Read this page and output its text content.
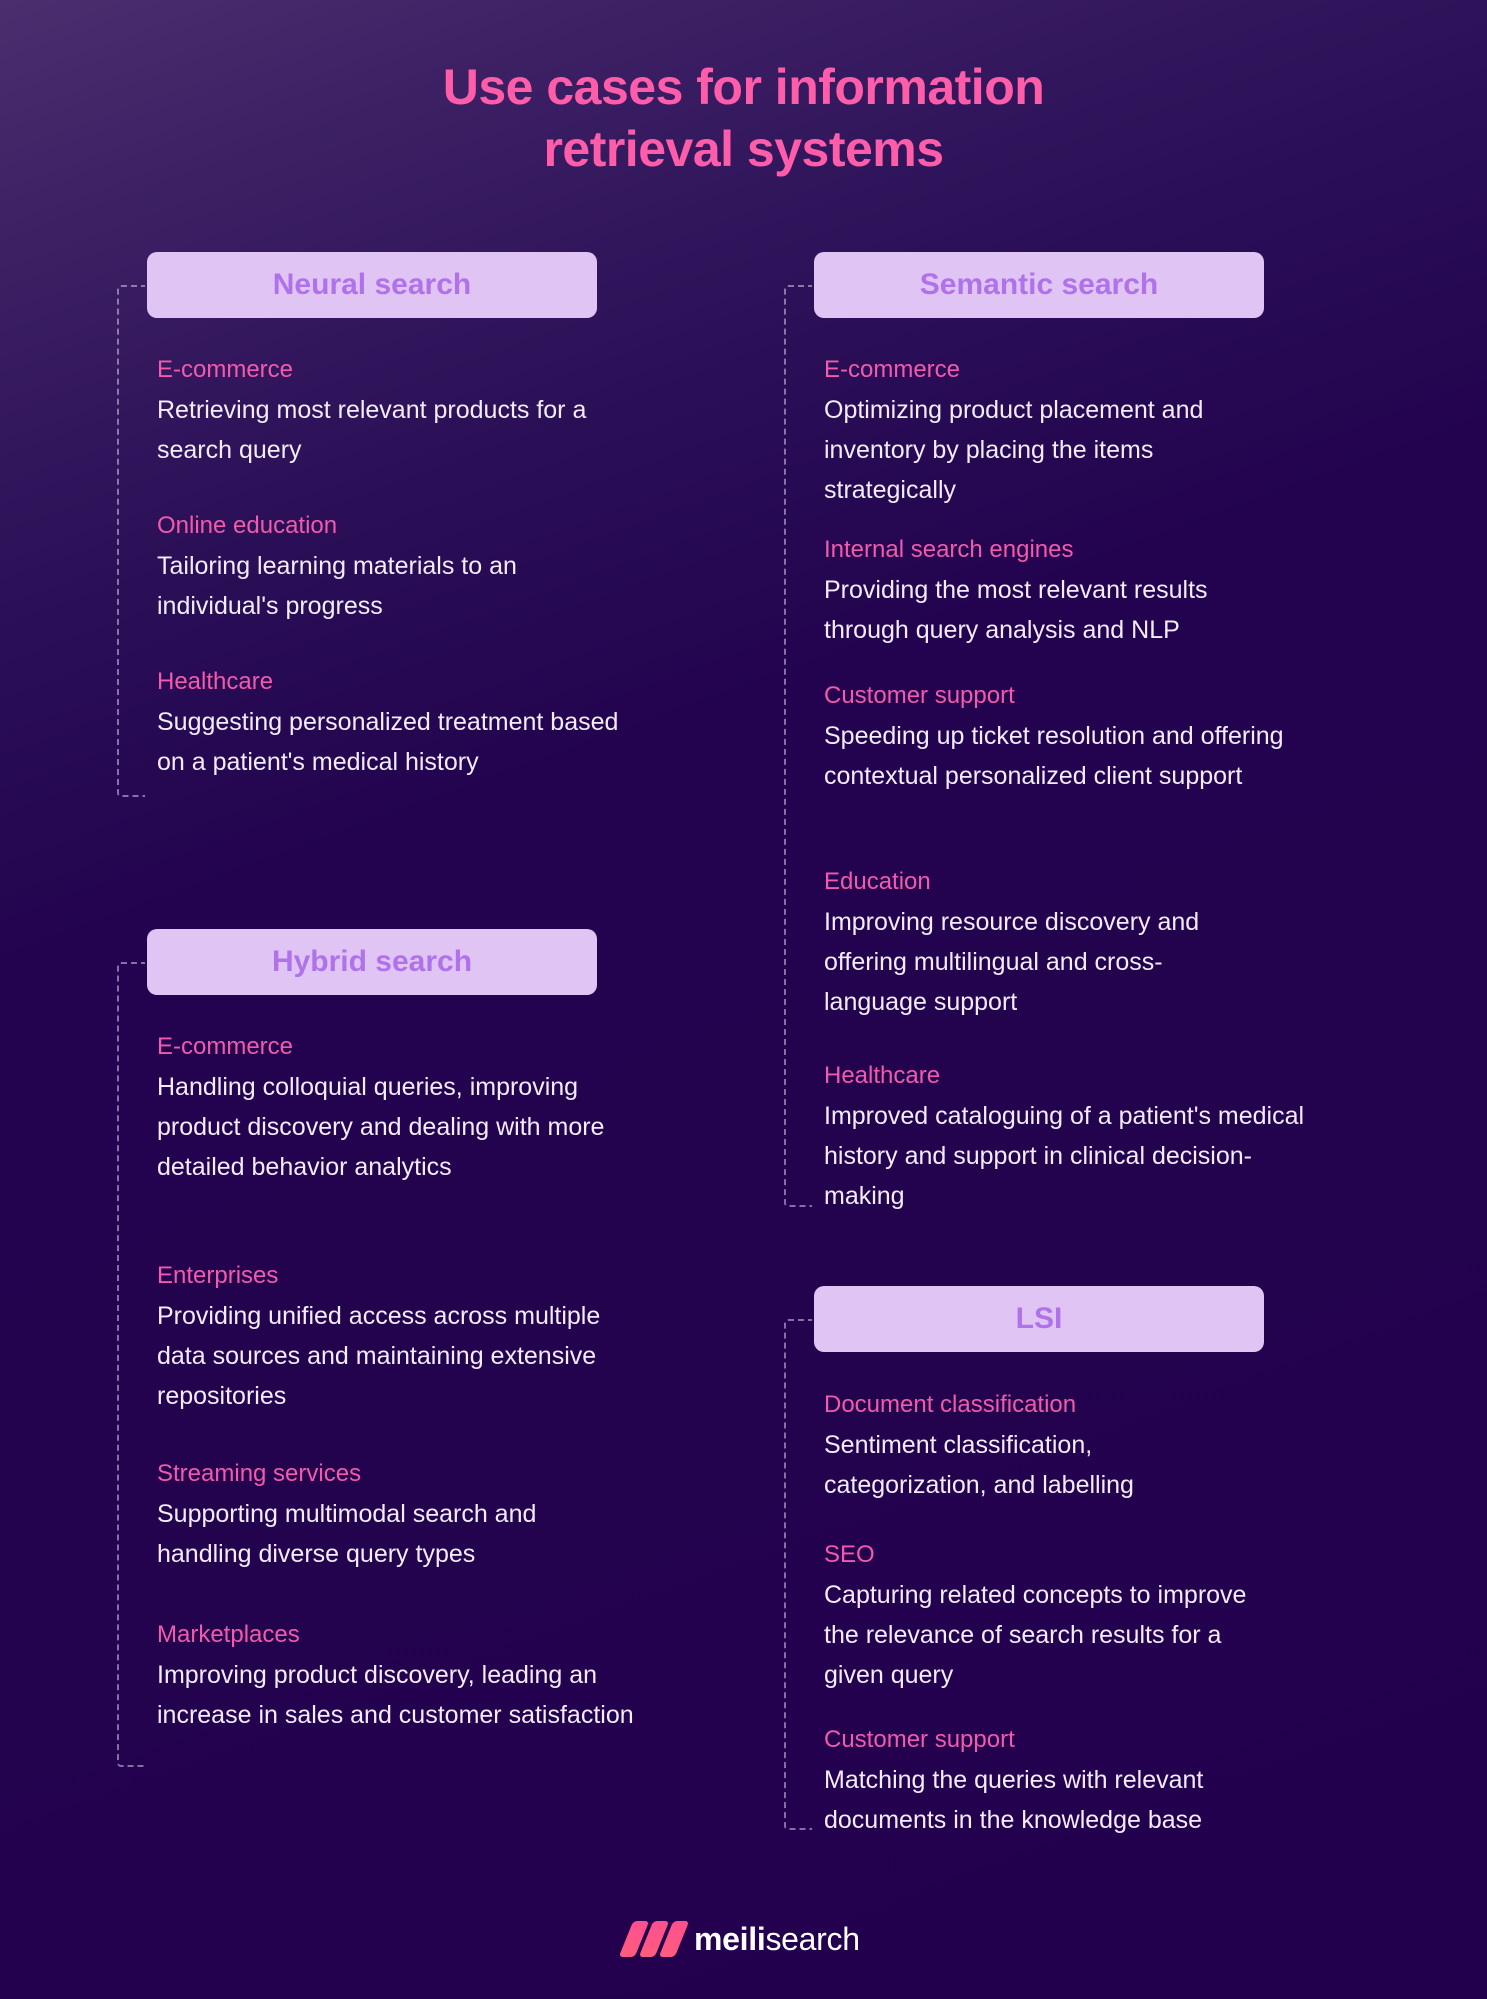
Use cases for information
retrieval systems
Neural search
E-commerce
Retrieving most relevant products for a search query
Online education
Tailoring learning materials to an individual's progress
Healthcare
Suggesting personalized treatment based on a patient's medical history
Hybrid search
E-commerce
Handling colloquial queries, improving product discovery and dealing with more detailed behavior analytics
Enterprises
Providing unified access across multiple data sources and maintaining extensive repositories
Streaming services
Supporting multimodal search and handling diverse query types
Marketplaces
Improving product discovery, leading an increase in sales and customer satisfaction
Semantic search
E-commerce
Optimizing product placement and inventory by placing the items strategically
Internal search engines
Providing the most relevant results through query analysis and NLP
Customer support
Speeding up ticket resolution and offering contextual personalized client support
Education
Improving resource discovery and offering multilingual and cross-language support
Healthcare
Improved cataloguing of a patient's medical history and support in clinical decision-making
LSI
Document classification
Sentiment classification, categorization, and labelling
SEO
Capturing related concepts to improve the relevance of search results for a given query
Customer support
Matching the queries with relevant documents in the knowledge base
meilisearch
